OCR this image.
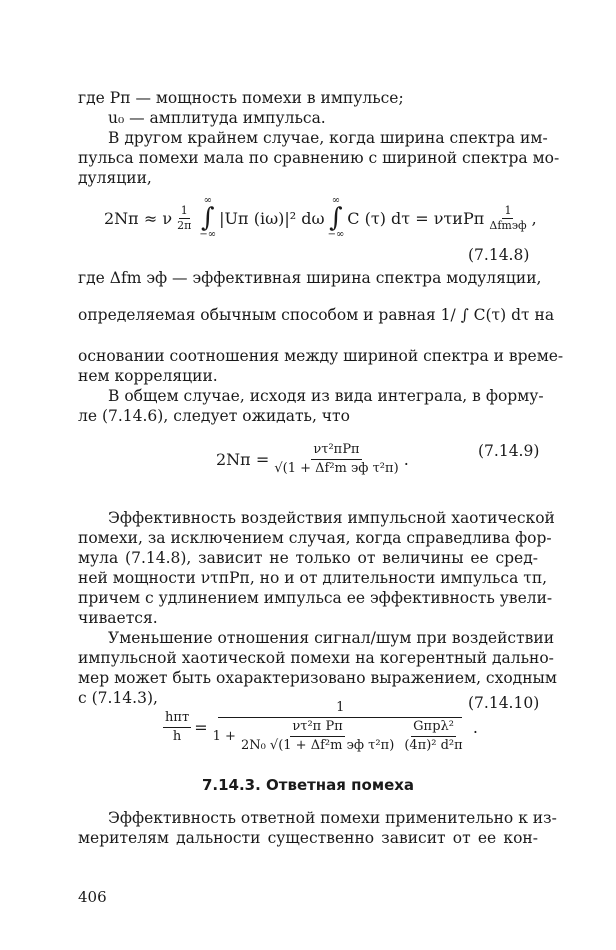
где Pп — мощность помехи в импульсе;
u₀ — амплитуда импульса.
В другом крайнем случае, когда ширина спектра им-
пульса помехи мала по сравнению с шириной спектра мо-
дуляции,
2Nп ≈ ν $\frac{1}{2\pi}$
∞
∫
−∞
|Uп (iω)|² dω
∞
∫
−∞
C (τ) dτ = ντиPп $\frac{1}{\text{Δfmэф}}$ ,
(7.14.8)
где Δfm эф — эффективная ширина спектра модуляции,
определяемая обычным способом и равная 1/ ∫ C(τ) dτ на
основании соотношения между шириной спектра и време-
нем корреляции.
В общем случае, исходя из вида интеграла, в форму-
ле (7.14.6), следует ожидать, что
$2Nп = \frac{\text{ντ²пPп}}{\text{√(1 + Δf²m эф τ²п)}}$ .	(7.14.9)
Эффективность воздействия импульсной хаотической
помехи, за исключением случая, когда справедлива фор-
мула (7.14.8), зависит не только от величины ее сред-
ней мощности ντпPп, но и от длительности импульса τп,
причем с удлинением импульса ее эффективность увели-
чивается.
Уменьшение отношения сигнал/шум при воздействии
импульсной хаотической помехи на когерентный дально-
мер может быть охарактеризовано выражением, сходным
с (7.14.3),
$\frac{\text{hпт}}{h}$ =
1
$1 + \frac{\text{ντ²п Pп}}{\text{2N₀ √(1 + Δf²m эф τ²п)}} \frac{\text{Gпрλ²}}{\text{(4π)² d²п}}$ .
(7.14.10)
7.14.3. Ответная помеха
Эффективность ответной помехи применительно к из-
мерителям дальности существенно зависит от ее кон-
406
